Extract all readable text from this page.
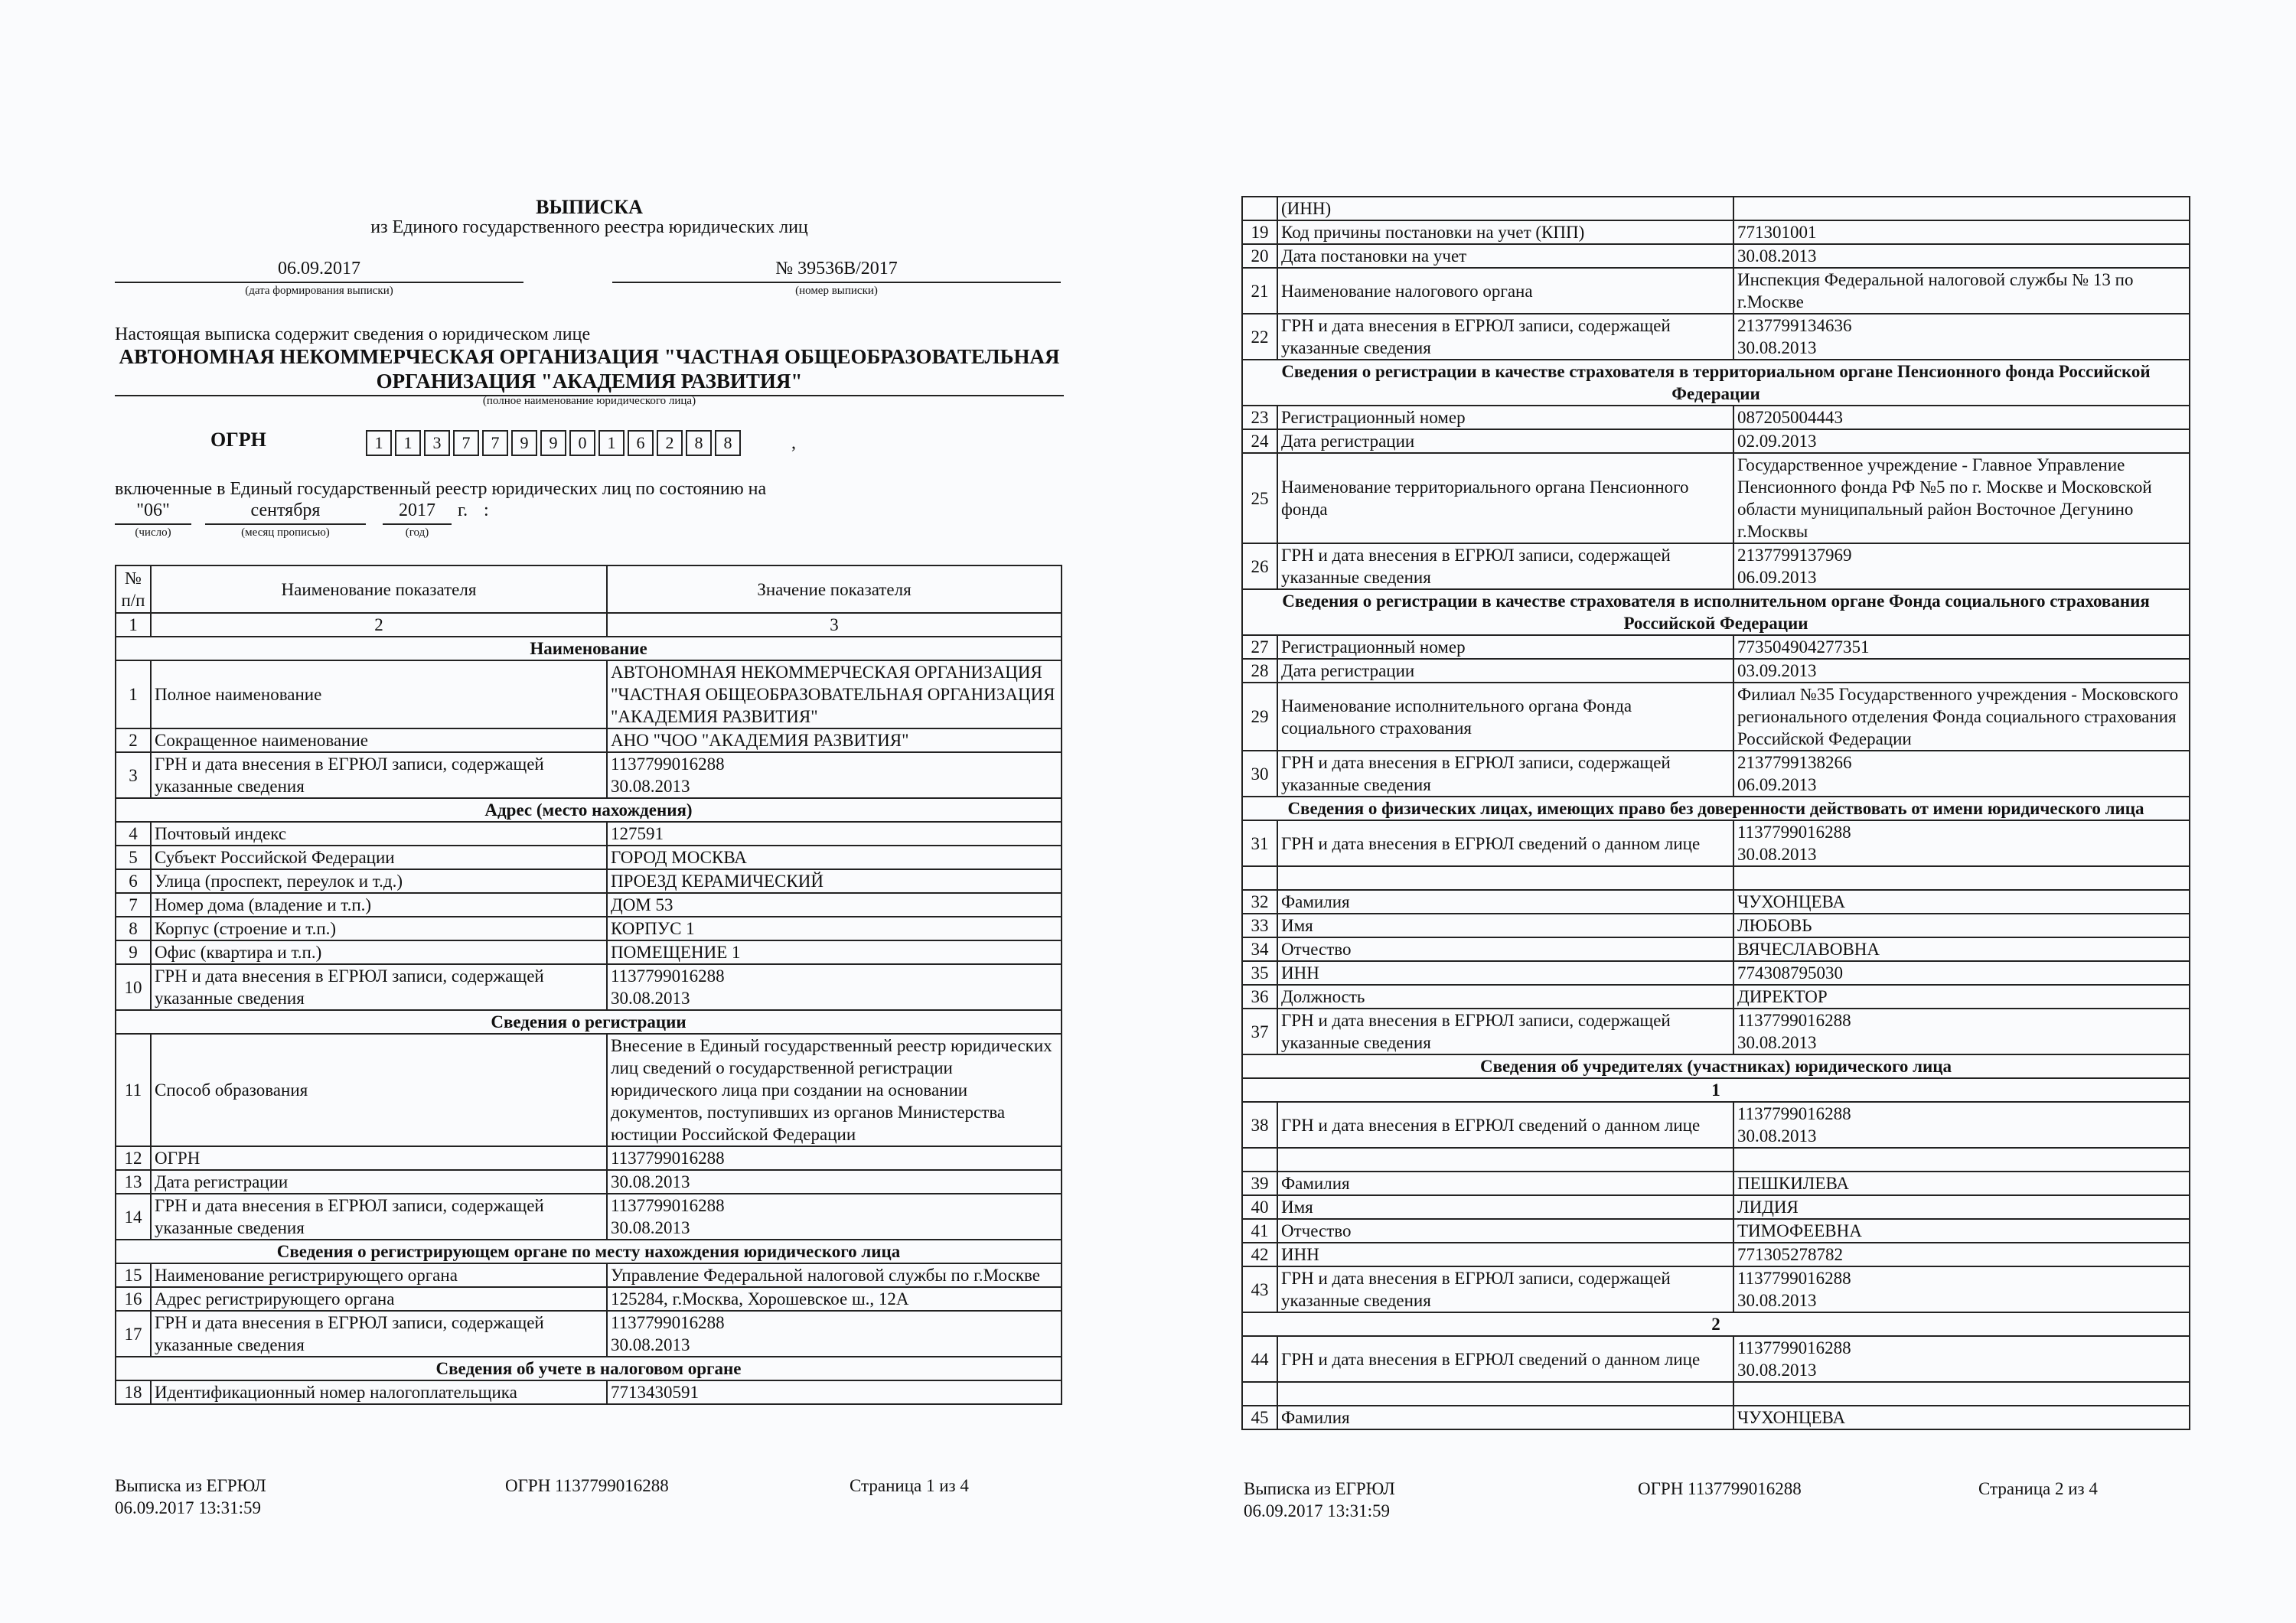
ВЫПИСКА
из Единого государственного реестра юридических лиц
06.09.2017
(дата формирования выписки)
№ 39536В/2017
(номер выписки)
Настоящая выписка содержит сведения о юридическом лице
АВТОНОМНАЯ НЕКОММЕРЧЕСКАЯ ОРГАНИЗАЦИЯ "ЧАСТНАЯ ОБЩЕОБРАЗОВАТЕЛЬНАЯ
ОРГАНИЗАЦИЯ "АКАДЕМИЯ РАЗВИТИЯ"
(полное наименование юридического лица)
ОГРН	1	1	3	7	7	9	9	0	1	6	2	8	8	,
включенные в Единый государственный реестр юридических лиц по состоянию на
"06"	сентября	2017	г. :
(число)	(месяц прописью)	(год)
№ п/п	Наименование показателя	Значение показателя
1	2	3
Наименование		
1	Полное наименование	АВТОНОМНАЯ НЕКОММЕРЧЕСКАЯ ОРГАНИЗАЦИЯ "ЧАСТНАЯ ОБЩЕОБРАЗОВАТЕЛЬНАЯ ОРГАНИЗАЦИЯ "АКАДЕМИЯ РАЗВИТИЯ"

2	Сокращенное наименование	АНО "ЧОО "АКАДЕМИЯ РАЗВИТИЯ"

3	ГРН и дата внесения в ЕГРЮЛ записи, содержащей указанные сведения	1137799016288
30.08.2013

Адрес (место нахождения)		
4	Почтовый индекс	127591

5	Субъект Российской Федерации	ГОРОД МОСКВА

6	Улица (проспект, переулок и т.д.)	ПРОЕЗД КЕРАМИЧЕСКИЙ

7	Номер дома (владение и т.п.)	ДОМ 53

8	Корпус (строение и т.п.)	КОРПУС 1

9	Офис (квартира и т.п.)	ПОМЕЩЕНИЕ 1

10	ГРН и дата внесения в ЕГРЮЛ записи, содержащей указанные сведения	1137799016288
30.08.2013

Сведения о регистрации		
11	Способ образования	Внесение в Единый государственный реестр юридических лиц сведений о государственной регистрации юридического лица при создании на основании документов, поступивших из органов Министерства юстиции Российской Федерации

12	ОГРН	1137799016288

13	Дата регистрации	30.08.2013

14	ГРН и дата внесения в ЕГРЮЛ записи, содержащей указанные сведения	1137799016288
30.08.2013

Сведения о регистрирующем органе по месту нахождения юридического лица		
15	Наименование регистрирующего органа	Управление Федеральной налоговой службы по г.Москве

16	Адрес регистрирующего органа	125284, г.Москва, Хорошевское ш., 12А

17	ГРН и дата внесения в ЕГРЮЛ записи, содержащей указанные сведения	1137799016288
30.08.2013

Сведения об учете в налоговом органе		
18	Идентификационный номер налогоплательщика	7713430591
Выписка из ЕГРЮЛ
06.09.2017 13:31:59
ОГРН 1137799016288	Страница 1 из 4
	(ИНН)	

19	Код причины постановки на учет (КПП)	771301001

20	Дата постановки на учет	30.08.2013

21	Наименование налогового органа	Инспекция Федеральной налоговой службы № 13 по г.Москве

22	ГРН и дата внесения в ЕГРЮЛ записи, содержащей указанные сведения	2137799134636
30.08.2013

Сведения о регистрации в качестве страхователя в территориальном органе Пенсионного фонда Российской Федерации		
23	Регистрационный номер	087205004443

24	Дата регистрации	02.09.2013

25	Наименование территориального органа Пенсионного фонда	Государственное учреждение - Главное Управление Пенсионного фонда РФ №5 по г. Москве и Московской области муниципальный район Восточное Дегунино г.Москвы

26	ГРН и дата внесения в ЕГРЮЛ записи, содержащей указанные сведения	2137799137969
06.09.2013

Сведения о регистрации в качестве страхователя в исполнительном органе Фонда социального страхования Российской Федерации		
27	Регистрационный номер	773504904277351

28	Дата регистрации	03.09.2013

29	Наименование исполнительного органа Фонда социального страхования	Филиал №35 Государственного учреждения - Московского регионального отделения Фонда социального страхования Российской Федерации

30	ГРН и дата внесения в ЕГРЮЛ записи, содержащей указанные сведения	2137799138266
06.09.2013

Сведения о физических лицах, имеющих право без доверенности действовать от имени юридического лица		
31	ГРН и дата внесения в ЕГРЮЛ сведений о данном лице	1137799016288
30.08.2013

32	Фамилия	ЧУХОНЦЕВА

33	Имя	ЛЮБОВЬ

34	Отчество	ВЯЧЕСЛАВОВНА

35	ИНН	774308795030

36	Должность	ДИРЕКТОР

37	ГРН и дата внесения в ЕГРЮЛ записи, содержащей указанные сведения	1137799016288
30.08.2013

Сведения об учредителях (участниках) юридического лица		
1		
38	ГРН и дата внесения в ЕГРЮЛ сведений о данном лице	1137799016288
30.08.2013

39	Фамилия	ПЕШКИЛЕВА

40	Имя	ЛИДИЯ

41	Отчество	ТИМОФЕЕВНА

42	ИНН	771305278782

43	ГРН и дата внесения в ЕГРЮЛ записи, содержащей указанные сведения	1137799016288
30.08.2013

2		
44	ГРН и дата внесения в ЕГРЮЛ сведений о данном лице	1137799016288
30.08.2013

45	Фамилия	ЧУХОНЦЕВА
Выписка из ЕГРЮЛ
06.09.2017 13:31:59
ОГРН 1137799016288	Страница 2 из 4
